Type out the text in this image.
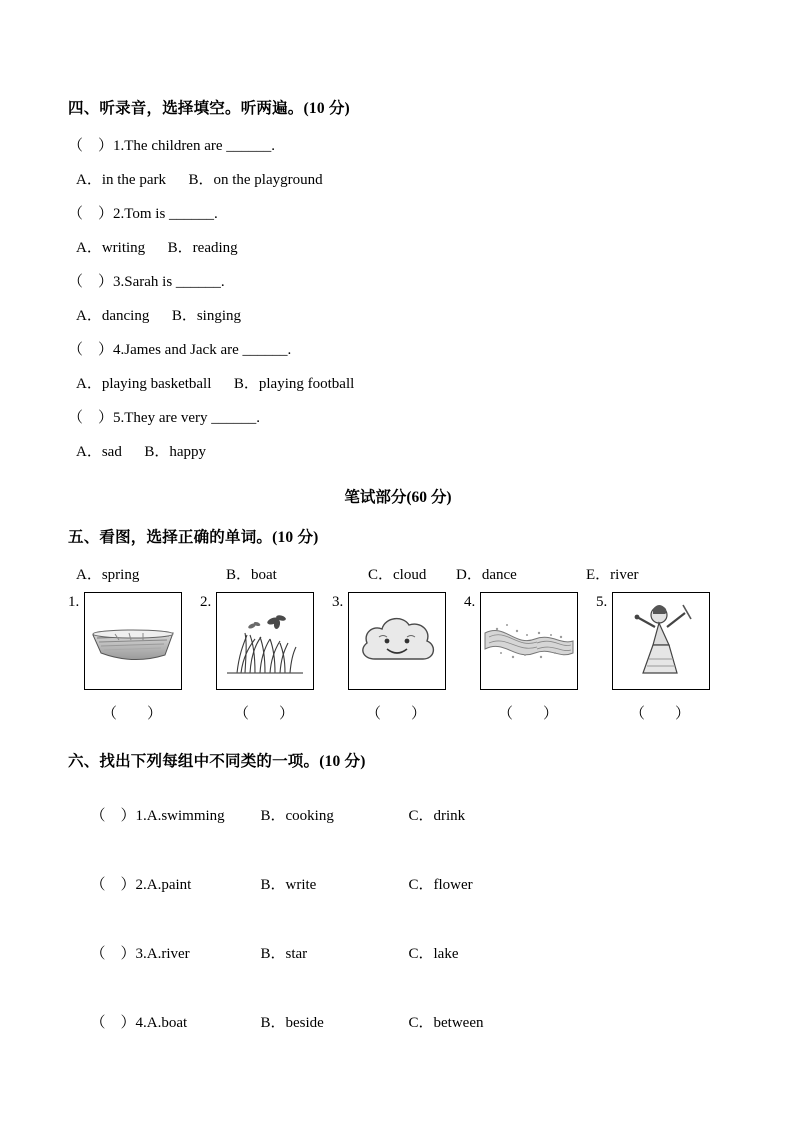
四、听录音，选择填空。听两遍。(10 分)
（    ）1.The children are ______.
A．in the park      B．on the playground
（    ）2.Tom is ______.
A．writing      B．reading
（    ）3.Sarah is ______.
A．dancing      B．singing
（    ）4.James and Jack are ______.
A．playing basketball      B．playing football
（    ）5.They are very ______.
A．sad      B．happy
笔试部分(60 分)
五、看图，选择正确的单词。(10 分)
A．spring	B．boat	C．cloud	D．dance	E．river
1.
（        ）
2.
（        ）
3.
（        ）
4.
（        ）
5.
（        ）
六、找出下列每组中不同类的一项。(10 分)

（    ）1.A.swimming B．cooking	C．drink

（    ）2.A.paint	B．write	C．flower

（    ）3.A.river	B．star	C．lake

（    ）4.A.boat	B．beside	C．between
